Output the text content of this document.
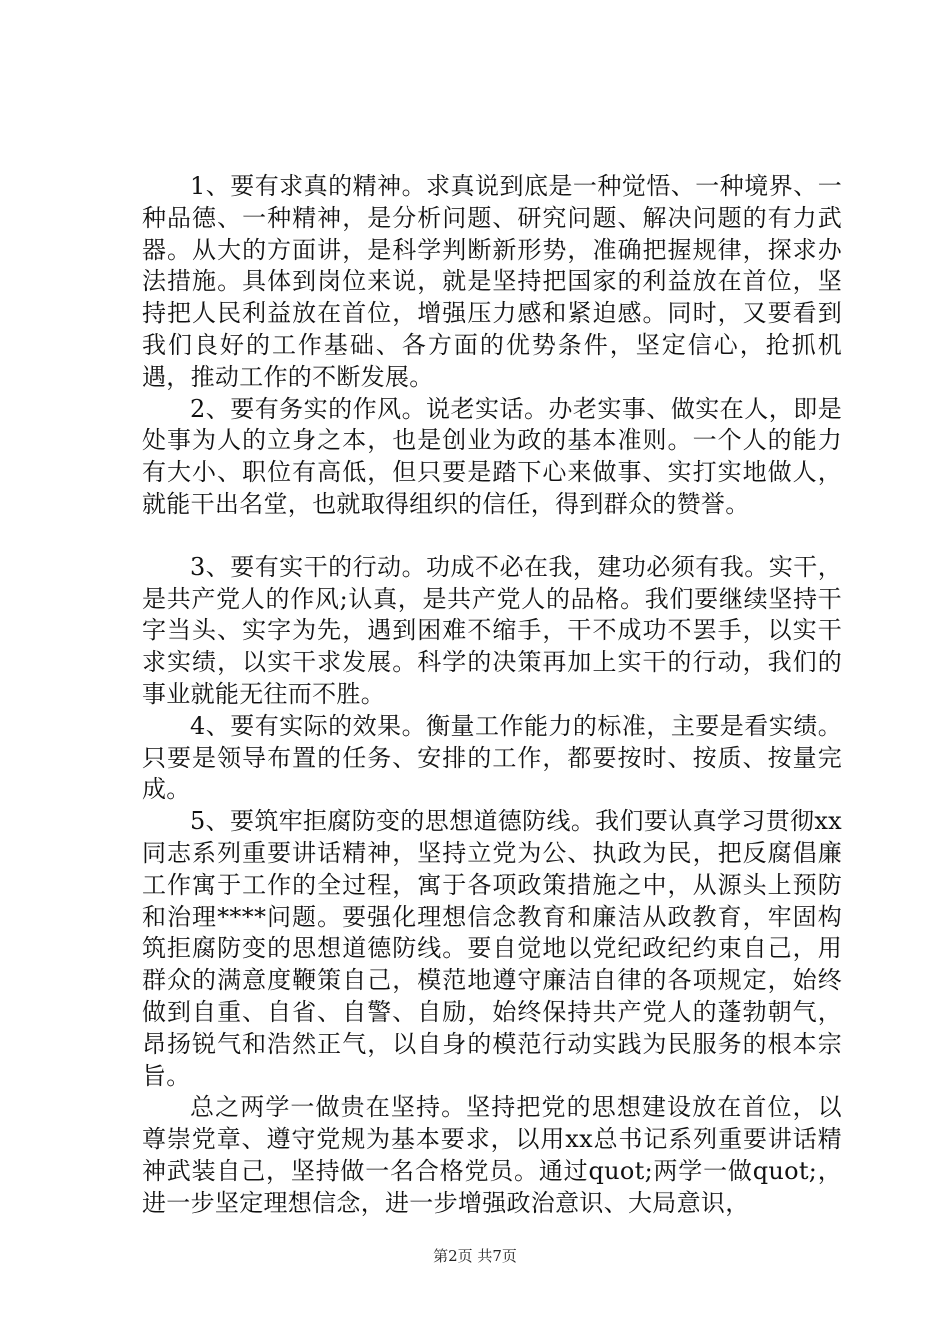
1、要有求真的精神。求真说到底是一种觉悟、一种境界、一种品德、一种精神，是分析问题、研究问题、解决问题的有力武器。从大的方面讲，是科学判断新形势，准确把握规律，探求办法措施。具体到岗位来说，就是坚持把国家的利益放在首位，坚持把人民利益放在首位，增强压力感和紧迫感。同时，又要看到我们良好的工作基础、各方面的优势条件，坚定信心，抢抓机遇，推动工作的不断发展。

2、要有务实的作风。说老实话。办老实事、做实在人，即是处事为人的立身之本，也是创业为政的基本准则。一个人的能力有大小、职位有高低，但只要是踏下心来做事、实打实地做人，就能干出名堂，也就取得组织的信任，得到群众的赞誉。

3、要有实干的行动。功成不必在我，建功必须有我。实干，是共产党人的作风;认真，是共产党人的品格。我们要继续坚持干字当头、实字为先，遇到困难不缩手，干不成功不罢手，以实干求实绩，以实干求发展。科学的决策再加上实干的行动，我们的事业就能无往而不胜。

4、要有实际的效果。衡量工作能力的标准，主要是看实绩。只要是领导布置的任务、安排的工作，都要按时、按质、按量完成。

5、要筑牢拒腐防变的思想道德防线。我们要认真学习贯彻xx同志系列重要讲话精神，坚持立党为公、执政为民，把反腐倡廉工作寓于工作的全过程，寓于各项政策措施之中，从源头上预防和治理****问题。要强化理想信念教育和廉洁从政教育，牢固构筑拒腐防变的思想道德防线。要自觉地以党纪政纪约束自己，用群众的满意度鞭策自己，模范地遵守廉洁自律的各项规定，始终做到自重、自省、自警、自励，始终保持共产党人的蓬勃朝气，昂扬锐气和浩然正气，以自身的模范行动实践为民服务的根本宗旨。

总之两学一做贵在坚持。坚持把党的思想建设放在首位，以尊崇党章、遵守党规为基本要求，以用xx总书记系列重要讲话精神武装自己，坚持做一名合格党员。通过quot;两学一做quot;，进一步坚定理想信念，进一步增强政治意识、大局意识，

第2页 共7页
